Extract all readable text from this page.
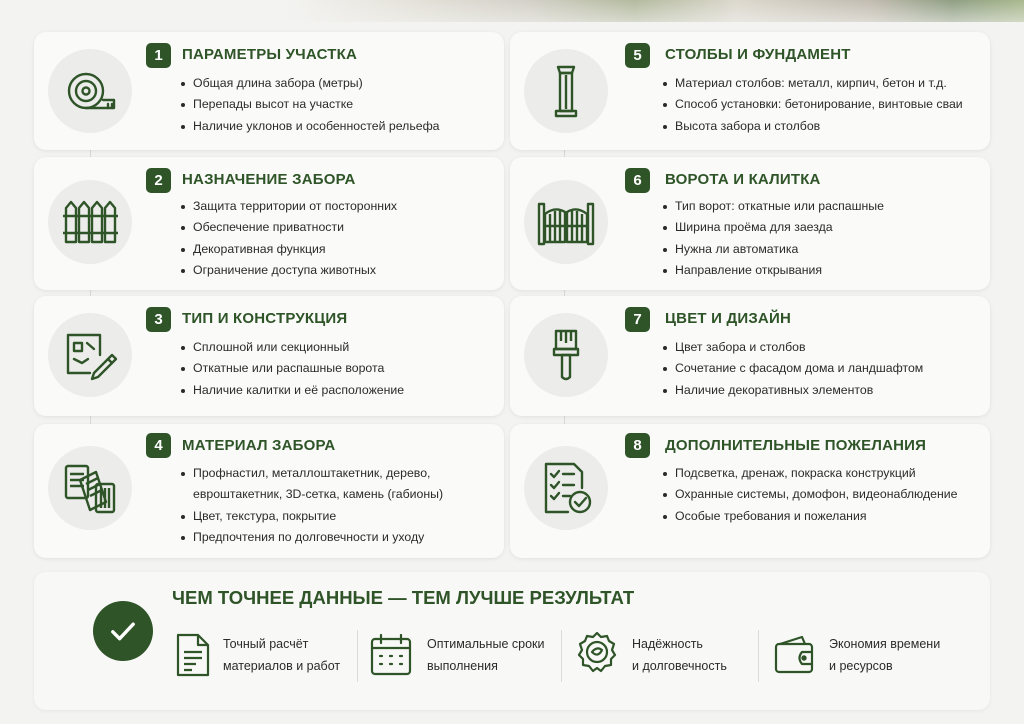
1	ПАРАМЕТРЫ УЧАСТКА
Общая длина забора (метры)
Перепады высот на участке
Наличие уклонов и особенностей рельефа
2	НАЗНАЧЕНИЕ ЗАБОРА
Защита территории от посторонних
Обеспечение приватности
Декоративная функция
Ограничение доступа животных
3	ТИП И КОНСТРУКЦИЯ
Сплошной или секционный
Откатные или распашные ворота
Наличие калитки и её расположение
4	МАТЕРИАЛ ЗАБОРА
Профнастил, металлоштакетник, дерево,
евроштакетник, 3D-сетка, камень (габионы)
Цвет, текстура, покрытие
Предпочтения по долговечности и уходу
5	СТОЛБЫ И ФУНДАМЕНТ
Материал столбов: металл, кирпич, бетон и т.д.
Способ установки: бетонирование, винтовые сваи
Высота забора и столбов
6	ВОРОТА И КАЛИТКА
Тип ворот: откатные или распашные
Ширина проёма для заезда
Нужна ли автоматика
Направление открывания
7	ЦВЕТ И ДИЗАЙН
Цвет забора и столбов
Сочетание с фасадом дома и ландшафтом
Наличие декоративных элементов
8	ДОПОЛНИТЕЛЬНЫЕ ПОЖЕЛАНИЯ
Подсветка, дренаж, покраска конструкций
Охранные системы, домофон, видеонаблюдение
Особые требования и пожелания
ЧЕМ ТОЧНЕЕ ДАННЫЕ — ТЕМ ЛУЧШЕ РЕЗУЛЬТАТ
Точный расчёт
материалов и работ
Оптимальные сроки
выполнения
Надёжность
и долговечность
Экономия времени
и ресурсов
